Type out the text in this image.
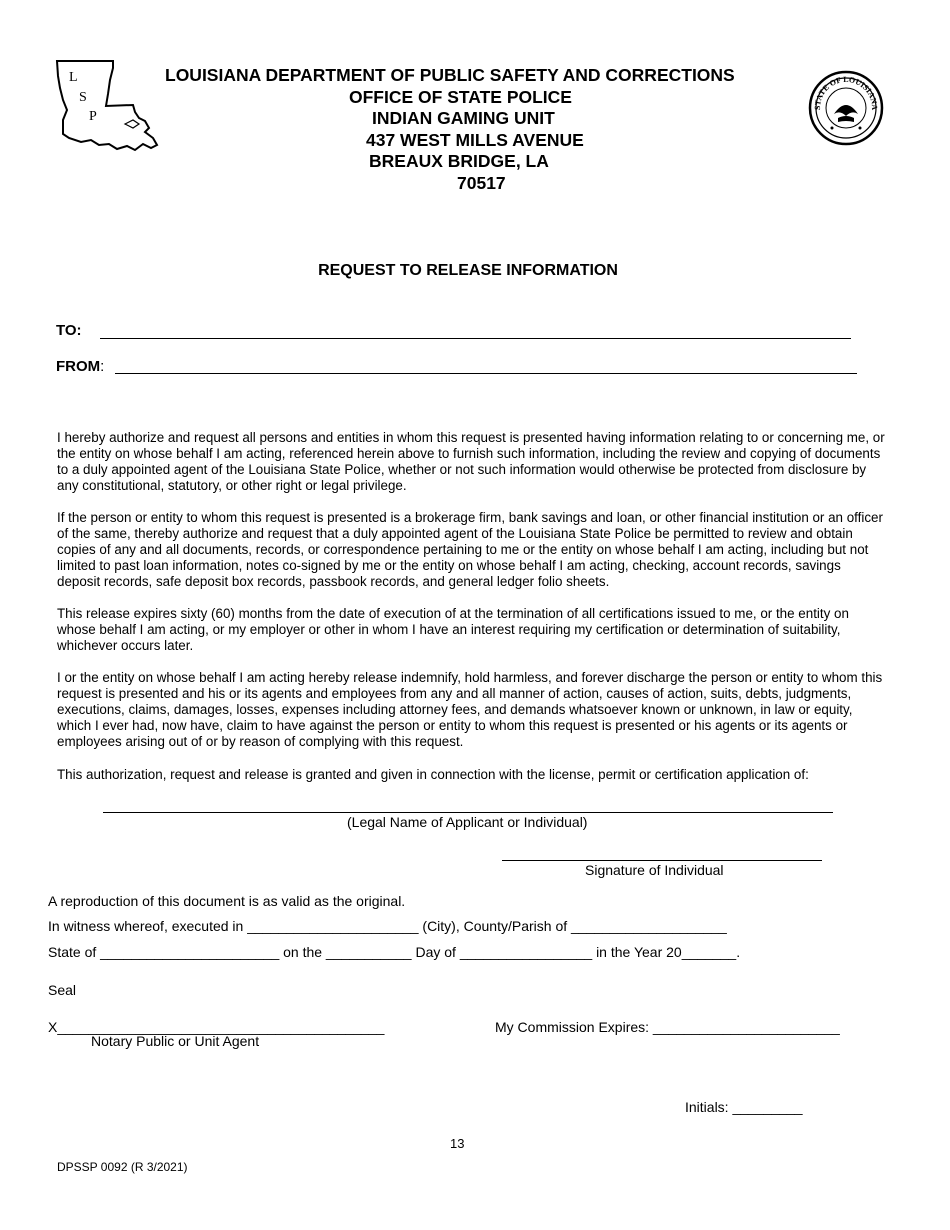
L
S
P
LOUISIANA DEPARTMENT OF PUBLIC SAFETY AND CORRECTIONS
OFFICE OF STATE POLICE
INDIAN GAMING UNIT
437 WEST MILLS AVENUE
BREAUX BRIDGE, LA
70517
STATE OF LOUISIANA
REQUEST TO RELEASE INFORMATION
TO:
FROM:

I hereby authorize and request all persons and entities in whom this request is presented having information relating to or concerning me, or the entity on whose behalf I am acting, referenced herein above to furnish such information, including the review and copying of documents to a duly appointed agent of the Louisiana State Police, whether or not such information would otherwise be protected from disclosure by any constitutional, statutory, or other right or legal privilege.

If the person or entity to whom this request is presented is a brokerage firm, bank savings and loan, or other financial institution or an officer of the same, thereby authorize and request that a duly appointed agent of the Louisiana State Police be permitted to review and obtain copies of any and all documents, records, or correspondence pertaining to me or the entity on whose behalf I am acting, including but not limited to past loan information, notes co-signed by me or the entity on whose behalf I am acting, checking, account records, savings deposit records, safe deposit box records, passbook records, and general ledger folio sheets.

This release expires sixty (60) months from the date of execution of at the termination of all certifications issued to me, or the entity on whose behalf I am acting, or my employer or other in whom I have an interest requiring my certification or determination of suitability, whichever occurs later.

I or the entity on whose behalf I am acting hereby release indemnify, hold harmless, and forever discharge the person or entity to whom this request is presented and his or its agents and employees from any and all manner of action, causes of action, suits, debts, judgments, executions, claims, damages, losses, expenses including attorney fees, and demands whatsoever known or unknown, in law or equity, which I ever had, now have, claim to have against the person or entity to whom this request is presented or his agents or its agents or employees arising out of or by reason of complying with this request.

This authorization, request and release is granted and given in connection with the license, permit or certification application of:

(Legal Name of Applicant or Individual)
Signature of Individual
A reproduction of this document is as valid as the original.
In witness whereof, executed in ______________________ (City), County/Parish of ____________________
State of _______________________ on the ___________ Day of _________________ in the Year 20_______.
Seal
X__________________________________________
Notary Public or Unit Agent
My Commission Expires: ________________________
Initials: _________
13
DPSSP 0092 (R 3/2021)
